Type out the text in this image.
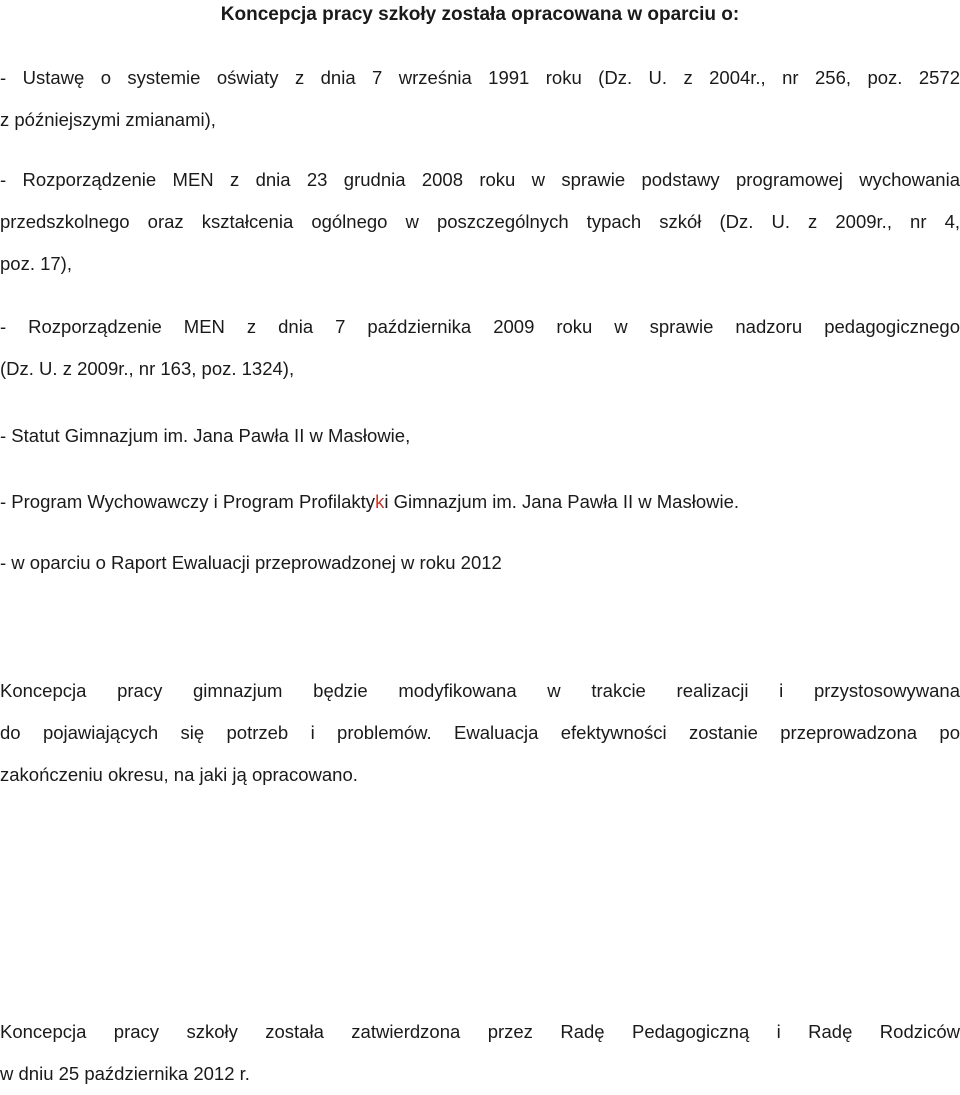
Koncepcja pracy szkoły została opracowana w oparciu o:

- Ustawę o systemie oświaty z dnia 7 września 1991 roku (Dz. U. z 2004r., nr 256, poz. 2572
z późniejszymi zmianami),

- Rozporządzenie MEN z dnia 23 grudnia 2008 roku w sprawie podstawy programowej wychowania
przedszkolnego oraz kształcenia ogólnego w poszczególnych typach szkół (Dz. U. z 2009r., nr 4,
poz. 17),

- Rozporządzenie MEN z dnia 7 października 2009 roku w sprawie nadzoru pedagogicznego
(Dz. U. z 2009r., nr 163, poz. 1324),

- Statut Gimnazjum im. Jana Pawła II w Masłowie,

- Program Wychowawczy i Program Profilaktyki Gimnazjum im. Jana Pawła II w Masłowie.

- w oparciu o Raport Ewaluacji przeprowadzonej w roku 2012

Koncepcja pracy gimnazjum będzie modyfikowana w trakcie realizacji i przystosowywana
do pojawiających się potrzeb i problemów. Ewaluacja efektywności zostanie przeprowadzona po
zakończeniu okresu, na jaki ją opracowano.

Koncepcja pracy szkoły została zatwierdzona przez Radę Pedagogiczną i Radę Rodziców
w dniu 25 października 2012 r.
